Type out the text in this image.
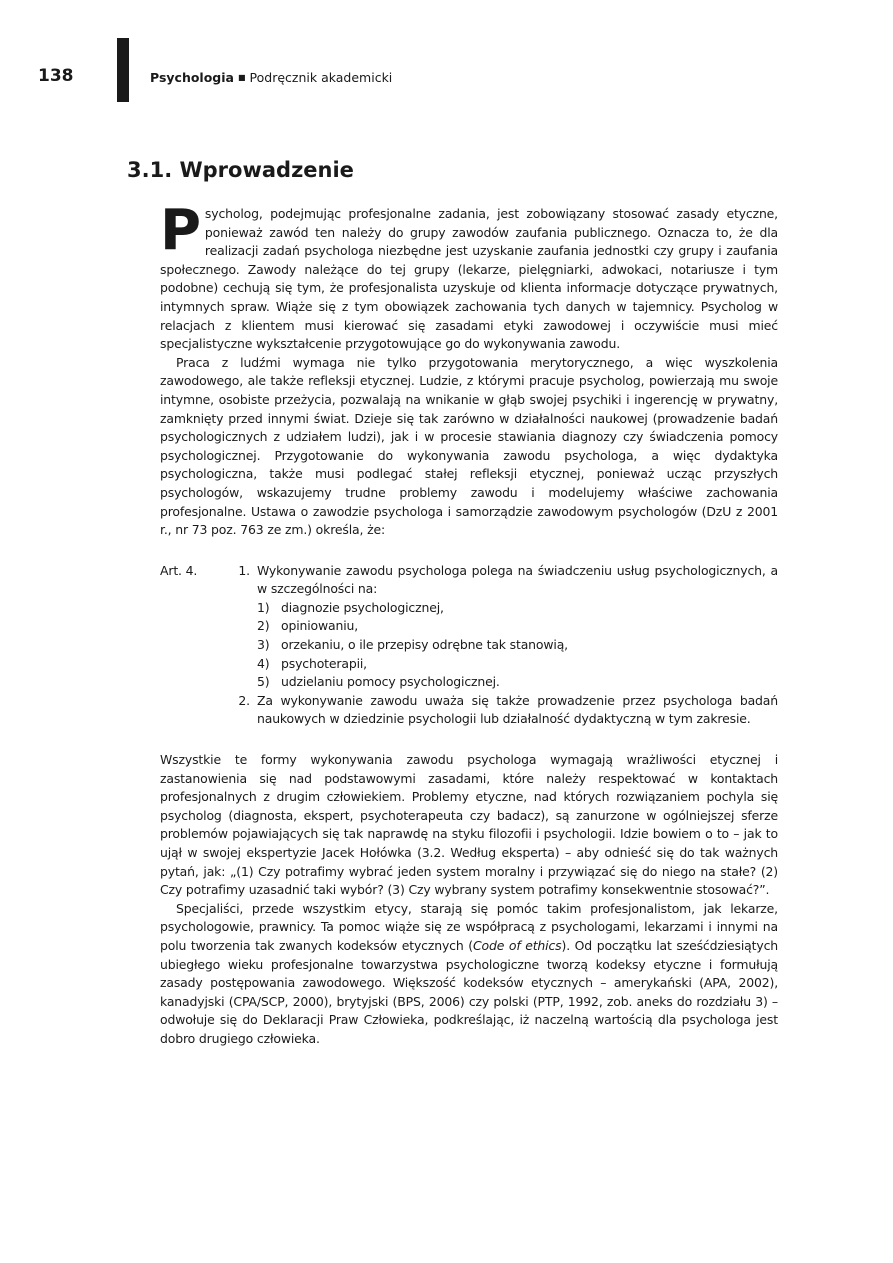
138	Psychologia ■ Podręcznik akademicki
3.1. Wprowadzenie

Psycholog, podejmując profesjonalne zadania, jest zobowiązany stosować zasady etyczne, ponieważ zawód ten należy do grupy zawodów zaufania publicznego. Oznacza to, że dla realizacji zadań psychologa niezbędne jest uzyskanie zaufania jednostki czy grupy i zaufania społecznego. Zawody należące do tej grupy (lekarze, pielęgniarki, adwokaci, notariusze i tym podobne) cechują się tym, że profesjonalista uzyskuje od klienta informacje dotyczące prywatnych, intymnych spraw. Wiąże się z tym obowiązek zachowania tych danych w tajemnicy. Psycholog w relacjach z klientem musi kierować się zasadami etyki zawodowej i oczywiście musi mieć specjalistyczne wykształcenie przygotowujące go do wykonywania zawodu.

Praca z ludźmi wymaga nie tylko przygotowania merytorycznego, a więc wyszkolenia zawodowego, ale także refleksji etycznej. Ludzie, z którymi pracuje psycholog, powierzają mu swoje intymne, osobiste przeżycia, pozwalają na wnikanie w głąb swojej psychiki i ingerencję w prywatny, zamknięty przed innymi świat. Dzieje się tak zarówno w działalności naukowej (prowadzenie badań psychologicznych z udziałem ludzi), jak i w procesie stawiania diagnozy czy świadczenia pomocy psychologicznej. Przygotowanie do wykonywania zawodu psychologa, a więc dydaktyka psychologiczna, także musi podlegać stałej refleksji etycznej, ponieważ ucząc przyszłych psychologów, wskazujemy trudne problemy zawodu i modelujemy właściwe zachowania profesjonalne. Ustawa o zawodzie psychologa i samorządzie zawodowym psychologów (DzU z 2001 r., nr 73 poz. 763 ze zm.) określa, że:

Art. 4.	1. Wykonywanie zawodu psychologa polega na świadczeniu usług psychologicznych, a w szczególności na:
1) diagnozie psychologicznej,
2) opiniowaniu,
3) orzekaniu, o ile przepisy odrębne tak stanowią,
4) psychoterapii,
5) udzielaniu pomocy psychologicznej.
2. Za wykonywanie zawodu uważa się także prowadzenie przez psychologa badań naukowych w dziedzinie psychologii lub działalność dydaktyczną w tym zakresie.

Wszystkie te formy wykonywania zawodu psychologa wymagają wrażliwości etycznej i zastanowienia się nad podstawowymi zasadami, które należy respektować w kontaktach profesjonalnych z drugim człowiekiem. Problemy etyczne, nad których rozwiązaniem pochyla się psycholog (diagnosta, ekspert, psychoterapeuta czy badacz), są zanurzone w ogólniejszej sferze problemów pojawiających się tak naprawdę na styku filozofii i psychologii. Idzie bowiem o to – jak to ujął w swojej ekspertyzie Jacek Hołówka (3.2. Według eksperta) – aby odnieść się do tak ważnych pytań, jak: „(1) Czy potrafimy wybrać jeden system moralny i przywiązać się do niego na stałe? (2) Czy potrafimy uzasadnić taki wybór? (3) Czy wybrany system potrafimy konsekwentnie stosować?”.

Specjaliści, przede wszystkim etycy, starają się pomóc takim profesjonalistom, jak lekarze, psychologowie, prawnicy. Ta pomoc wiąże się ze współpracą z psychologami, lekarzami i innymi na polu tworzenia tak zwanych kodeksów etycznych (Code of ethics). Od początku lat sześćdziesiątych ubiegłego wieku profesjonalne towarzystwa psychologiczne tworzą kodeksy etyczne i formułują zasady postępowania zawodowego. Większość kodeksów etycznych – amerykański (APA, 2002), kanadyjski (CPA/SCP, 2000), brytyjski (BPS, 2006) czy polski (PTP, 1992, zob. aneks do rozdziału 3) – odwołuje się do Deklaracji Praw Człowieka, podkreślając, iż naczelną wartością dla psychologa jest dobro drugiego człowieka.
